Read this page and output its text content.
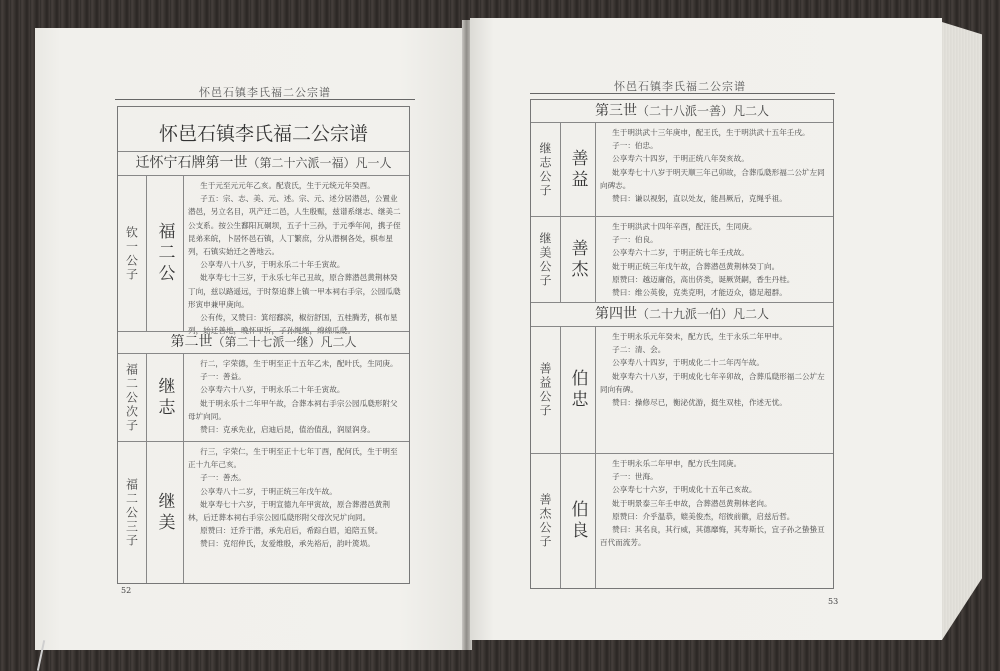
怀邑石镇李氏福二公宗谱
怀邑石镇李氏福二公宗谱
迁怀宁石牌第一世（第二十六派一福）凡一人
钦一公子 福二公

生于元至元元年乙亥。配袁氏，生于元统元年癸酉。

子五：宗、志、美、元、述。宗、元、述分居潜邑，公置业潜邑，另立名目，巩产迁二邑，人生殷赈，兹谱系继志、继美二公支系。按公生鄱阳瓦硐坝，五子十三孙，于元季年间，携子侄昆弟来皖，卜居怀邑石镇，人丁繁庶，分从潜桐各处，棋布星列，石镇实始迁之善地云。

公享寿八十八岁，于明永乐二十年壬寅故。

妣享寿七十三岁，于永乐七年己丑故，原合葬潜邑黄荆林癸丁向，兹以路遥远，于时祭追葬上镇一甲本祠右手宗，公园瓜瓞形寅申兼甲庚向。

公有传，又赞曰：箕绍鄱滨，椒衍舒国，五桂腾芳，棋布星列，始迁善地，晚怀甲圻，子孙绳绳，绵绵瓜瓞。

第二世（第二十七派一继）凡二人
福二公次子 继志

行二，字荣德，生于明至正十五年乙未，配叶氏，生同庚。

子一：善益。

公享寿六十八岁，于明永乐二十年壬寅故。

妣于明永乐十二年甲午故，合葬本祠右手宗公园瓜瓞形附父母圹向同。

赞曰：克承先业，启迪后昆，值治值乱，润屋润身。

福二公三子 继美

行三，字荣仁，生于明至正十七年丁酉，配何氏，生于明至正十九年己亥。

子一：善杰。

公享寿八十二岁，于明正统三年戊午故。

妣享寿七十六岁，于明宣德九年甲寅故，原合葬潜邑黄荆林，后迁葬本祠右手宗公园瓜瓞形附父母次兄圹向同。

原赞曰：迁乔于潜，承先启后，希踪白眉，追陪五贤。

赞曰：克绍仲氏，友爱维殷，承先裕后，韵叶箎埙。

52
怀邑石镇李氏福二公宗谱
第三世（二十八派一善）凡二人
继志公子 善益

生于明洪武十三年庚申，配王氏，生于明洪武十五年壬戌。

子一：伯忠。

公享寿六十四岁，于明正统八年癸亥故。

妣享寿七十八岁于明天顺三年己卯故，合葬瓜瓞形福二公圹左同向碑志。

赞曰：谦以视躬，直以处友，能昌厥后，克绳乎祖。

继美公子 善杰

生于明洪武十四年辛酉，配汪氏，生同庚。

子一：伯良。

公享寿六十二岁，于明正统七年壬戌故。

妣于明正统三年戊午故，合葬潜邑黄荆林癸丁向。

原赞曰：越迈庸俗，高出侪类，诞厥贤嗣，香生丹桂。

赞曰：维公英俊，克类克明，才能迈众，德足超群。

第四世（二十九派一伯）凡二人
善益公子 伯忠

生于明永乐元年癸未，配方氏，生于永乐二年甲申。

子二：清、会。

公享寿八十四岁，于明成化二十二年丙午故。

妣享寿六十八岁，于明成化七年辛卯故，合葬瓜瓞形福二公圹左同向有碑。

赞曰：操修尽已，衡泌优游，挺生双桂，作述无忧。

善杰公子 伯良

生于明永乐二年甲申，配方氏生同庚。

子一：世海。

公享寿七十六岁，于明成化十五年己亥故。

妣于明景泰三年壬申故，合葬潜邑黄荆林老向。

原赞曰：介乎温恭，媲美俊杰，绍彼前徽，启兹后哲。

赞曰：其名良，其行威，其德靡悔，其寿斯长，宜子孙之蛰蛰亘百代而流芳。

53
